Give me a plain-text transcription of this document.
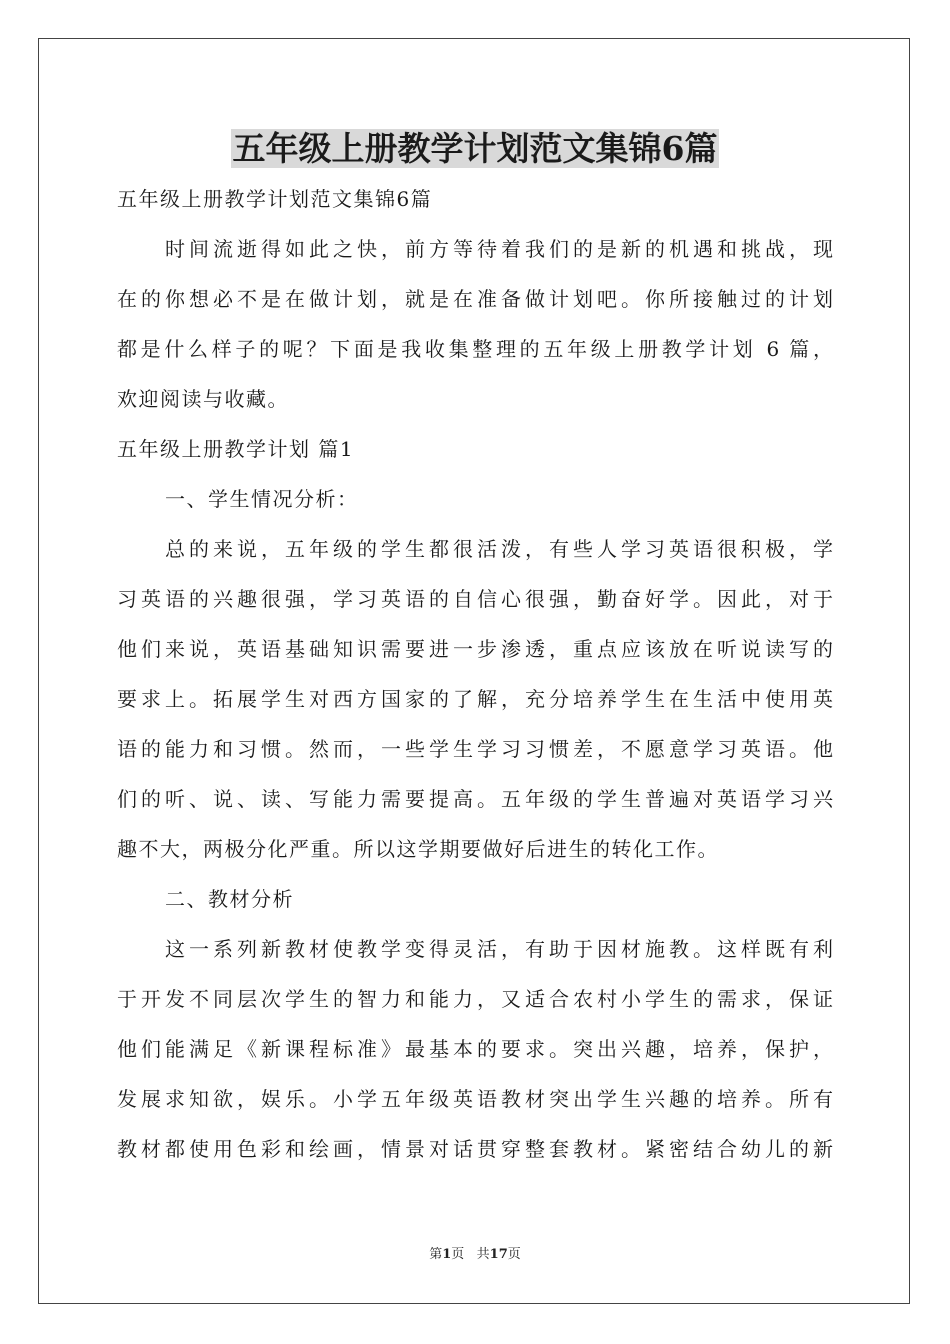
五年级上册教学计划范文集锦6篇
五年级上册教学计划范文集锦6篇
时间流逝得如此之快，前方等待着我们的是新的机遇和挑战，现
在的你想必不是在做计划，就是在准备做计划吧。你所接触过的计划
都是什么样子的呢？下面是我收集整理的五年级上册教学计划 6 篇，
欢迎阅读与收藏。
五年级上册教学计划 篇1
一、学生情况分析：
总的来说，五年级的学生都很活泼，有些人学习英语很积极，学
习英语的兴趣很强，学习英语的自信心很强，勤奋好学。因此，对于
他们来说，英语基础知识需要进一步渗透，重点应该放在听说读写的
要求上。拓展学生对西方国家的了解，充分培养学生在生活中使用英
语的能力和习惯。然而，一些学生学习习惯差，不愿意学习英语。他
们的听、说、读、写能力需要提高。五年级的学生普遍对英语学习兴
趣不大，两极分化严重。所以这学期要做好后进生的转化工作。
二、教材分析
这一系列新教材使教学变得灵活，有助于因材施教。这样既有利
于开发不同层次学生的智力和能力，又适合农村小学生的需求，保证
他们能满足《新课程标准》最基本的要求。突出兴趣，培养，保护，
发展求知欲，娱乐。小学五年级英语教材突出学生兴趣的培养。所有
教材都使用色彩和绘画，情景对话贯穿整套教材。紧密结合幼儿的新
第1页   共17页
